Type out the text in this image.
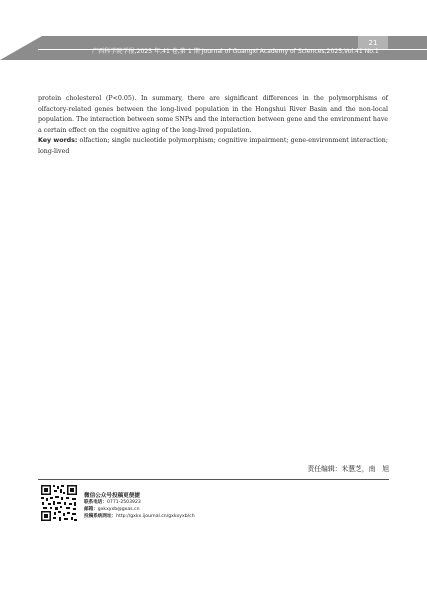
21
广西科学院学报,2025 年,41 卷,第 1 期 Journal of Guangxi Academy of Sciences,2025,Vol.41 No.1

protein cholesterol (P<0.05). In summary, there are significant differences in the polymorphisms of olfactory-related genes between the long-lived population in the Hongshui River Basin and the non-local population. The interaction between some SNPs and the interaction between gene and the environment have a certain effect on the cognitive aging of the long-lived population.

Key words: olfaction; single nucleotide polymorphism; cognitive impairment; gene-environment interaction; long-lived

责任编辑：米慧芝，南　旭
微信公众号投稿更便捷
联系电话：0771-2503923
邮箱：gxkxyxb@gxas.cn
投稿系统网址：http://gxkx.ijournal.cn/gxkxyxb/ch
